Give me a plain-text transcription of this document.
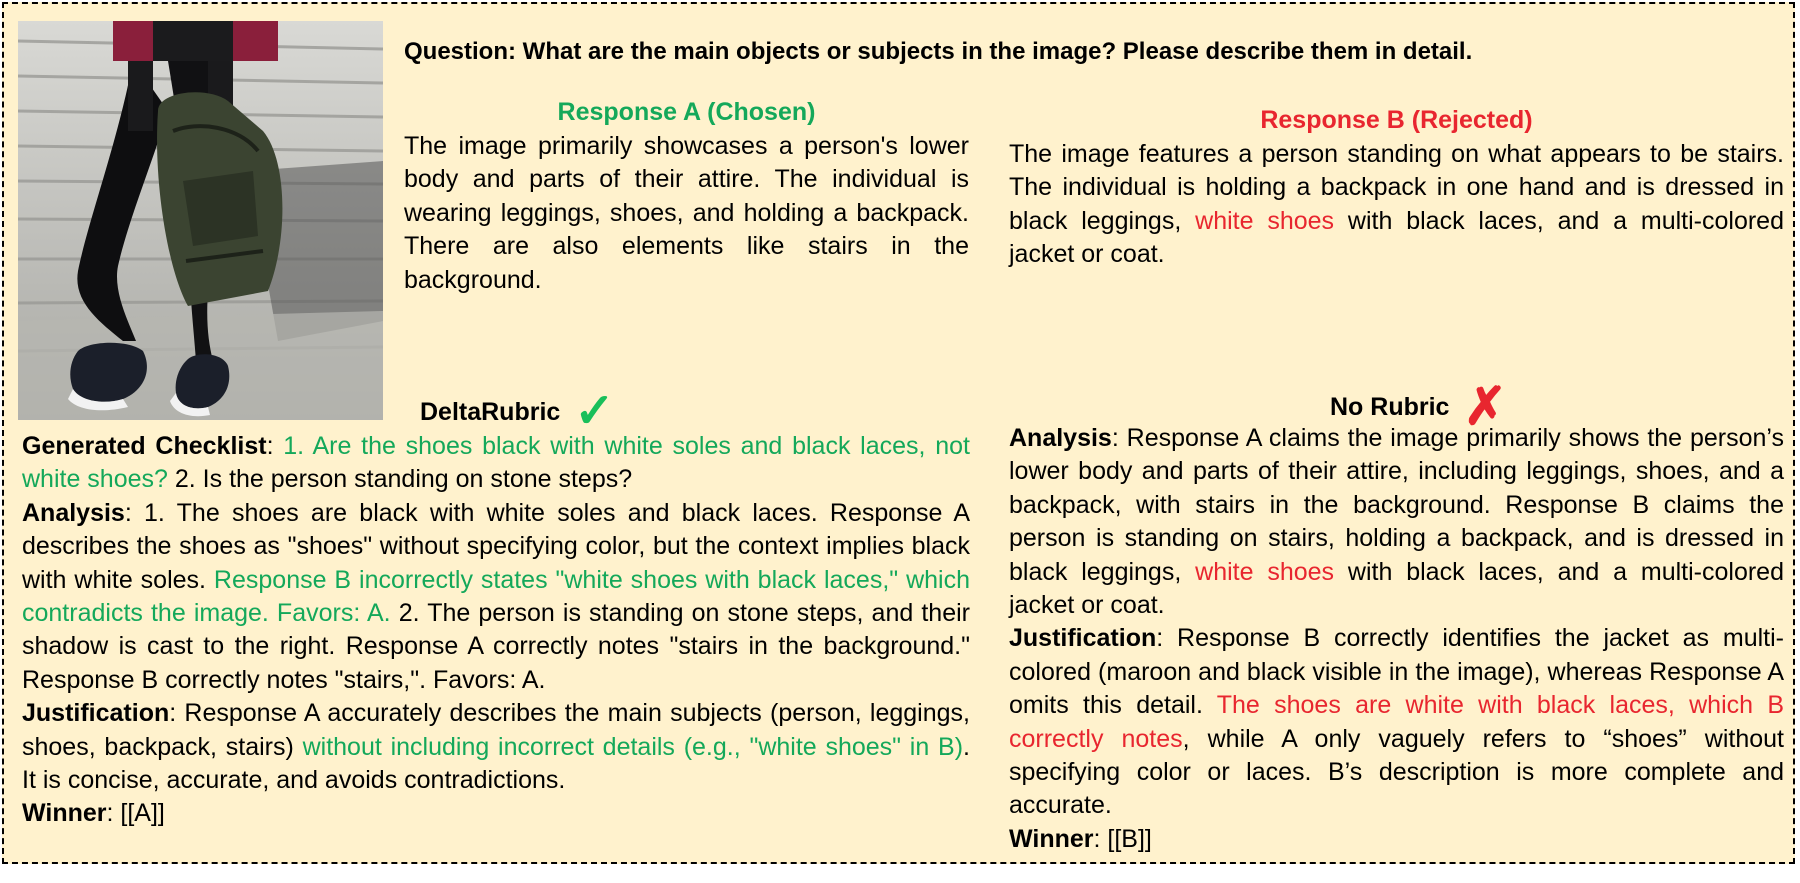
Question: What are the main objects or subjects in the image? Please describe them in detail.
Response A (Chosen)
The image primarily showcases a person's lower body and parts of their attire. The individual is wearing leggings, shoes, and holding a backpack. There are also elements like stairs in the background.
Response B (Rejected)
The image features a person standing on what appears to be stairs. The individual is holding a backpack in one hand and is dressed in black leggings, white shoes with black laces, and a multi-colored jacket or coat.
DeltaRubric ✓	No Rubric ✗

Generated Checklist: 1. Are the shoes black with white soles and black laces, not white shoes? 2. Is the person standing on stone steps?

Analysis: 1. The shoes are black with white soles and black laces. Response A describes the shoes as "shoes" without specifying color, but the context implies black with white soles. Response B incorrectly states "white shoes with black laces," which contradicts the image. Favors: A. 2. The person is standing on stone steps, and their shadow is cast to the right. Response A correctly notes "stairs in the background." Response B correctly notes "stairs,". Favors: A.

Justification: Response A accurately describes the main subjects (person, leggings, shoes, backpack, stairs) without including incorrect details (e.g., "white shoes" in B). It is concise, accurate, and avoids contradictions.

Winner: [[A]]

Analysis: Response A claims the image primarily shows the person’s lower body and parts of their attire, including leggings, shoes, and a backpack, with stairs in the background. Response B claims the person is standing on stairs, holding a backpack, and is dressed in black leggings, white shoes with black laces, and a multi-colored jacket or coat.

Justification: Response B correctly identifies the jacket as multi-colored (maroon and black visible in the image), whereas Response A omits this detail. The shoes are white with black laces, which B correctly notes, while A only vaguely refers to “shoes” without specifying color or laces. B’s description is more complete and accurate.

Winner: [[B]]
